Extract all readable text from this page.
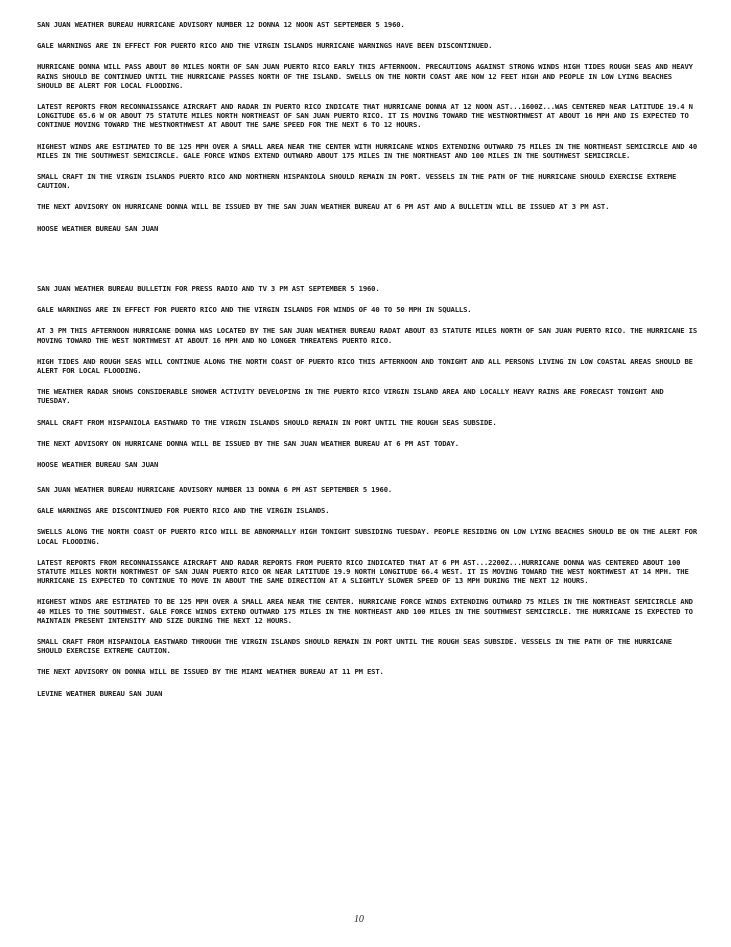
SAN JUAN WEATHER BUREAU HURRICANE ADVISORY NUMBER 12 DONNA 12 NOON AST SEPTEMBER 5 1960.

GALE WARNINGS ARE IN EFFECT FOR PUERTO RICO AND THE VIRGIN ISLANDS HURRICANE WARNINGS HAVE BEEN DISCONTINUED.

HURRICANE DONNA WILL PASS ABOUT 80 MILES NORTH OF SAN JUAN PUERTO RICO EARLY THIS AFTERNOON. PRECAUTIONS AGAINST STRONG WINDS HIGH TIDES ROUGH SEAS AND HEAVY RAINS SHOULD BE CONTINUED UNTIL THE HURRICANE PASSES NORTH OF THE ISLAND. SWELLS ON THE NORTH COAST ARE NOW 12 FEET HIGH AND PEOPLE IN LOW LYING BEACHES SHOULD BE ALERT FOR LOCAL FLOODING.

LATEST REPORTS FROM RECONNAISSANCE AIRCRAFT AND RADAR IN PUERTO RICO INDICATE THAT HURRICANE DONNA AT 12 NOON AST...1600Z...WAS CENTERED NEAR LATITUDE 19.4 N LONGITUDE 65.6 W OR ABOUT 75 STATUTE MILES NORTH NORTHEAST OF SAN JUAN PUERTO RICO. IT IS MOVING TOWARD THE WESTNORTHWEST AT ABOUT 16 MPH AND IS EXPECTED TO CONTINUE MOVING TOWARD THE WESTNORTHWEST AT ABOUT THE SAME SPEED FOR THE NEXT 6 TO 12 HOURS.

HIGHEST WINDS ARE ESTIMATED TO BE 125 MPH OVER A SMALL AREA NEAR THE CENTER WITH HURRICANE WINDS EXTENDING OUTWARD 75 MILES IN THE NORTHEAST SEMICIRCLE AND 40 MILES IN THE SOUTHWEST SEMICIRCLE. GALE FORCE WINDS EXTEND OUTWARD ABOUT 175 MILES IN THE NORTHEAST AND 100 MILES IN THE SOUTHWEST SEMICIRCLE.

SMALL CRAFT IN THE VIRGIN ISLANDS PUERTO RICO AND NORTHERN HISPANIOLA SHOULD REMAIN IN PORT. VESSELS IN THE PATH OF THE HURRICANE SHOULD EXERCISE EXTREME CAUTION.

THE NEXT ADVISORY ON HURRICANE DONNA WILL BE ISSUED BY THE SAN JUAN WEATHER BUREAU AT 6 PM AST AND A BULLETIN WILL BE ISSUED AT 3 PM AST.

HOOSE WEATHER BUREAU SAN JUAN

SAN JUAN WEATHER BUREAU BULLETIN FOR PRESS RADIO AND TV 3 PM AST SEPTEMBER 5 1960.

GALE WARNINGS ARE IN EFFECT FOR PUERTO RICO AND THE VIRGIN ISLANDS FOR WINDS OF 40 TO 50 MPH IN SQUALLS.

AT 3 PM THIS AFTERNOON HURRICANE DONNA WAS LOCATED BY THE SAN JUAN WEATHER BUREAU RADAT ABOUT 83 STATUTE MILES NORTH OF SAN JUAN PUERTO RICO. THE HURRICANE IS MOVING TOWARD THE WEST NORTHWEST AT ABOUT 16 MPH AND NO LONGER THREATENS PUERTO RICO.

HIGH TIDES AND ROUGH SEAS WILL CONTINUE ALONG THE NORTH COAST OF PUERTO RICO THIS AFTERNOON AND TONIGHT AND ALL PERSONS LIVING IN LOW COASTAL AREAS SHOULD BE ALERT FOR LOCAL FLOODING.

THE WEATHER RADAR SHOWS CONSIDERABLE SHOWER ACTIVITY DEVELOPING IN THE PUERTO RICO VIRGIN ISLAND AREA AND LOCALLY HEAVY RAINS ARE FORECAST TONIGHT AND TUESDAY.

SMALL CRAFT FROM HISPANIOLA EASTWARD TO THE VIRGIN ISLANDS SHOULD REMAIN IN PORT UNTIL THE ROUGH SEAS SUBSIDE.

THE NEXT ADVISORY ON HURRICANE DONNA WILL BE ISSUED BY THE SAN JUAN WEATHER BUREAU AT 6 PM AST TODAY.

HOOSE WEATHER BUREAU SAN JUAN

SAN JUAN WEATHER BUREAU HURRICANE ADVISORY NUMBER 13 DONNA 6 PM AST SEPTEMBER 5 1960.

GALE WARNINGS ARE DISCONTINUED FOR PUERTO RICO AND THE VIRGIN ISLANDS.

SWELLS ALONG THE NORTH COAST OF PUERTO RICO WILL BE ABNORMALLY HIGH TONIGHT SUBSIDING TUESDAY. PEOPLE RESIDING ON LOW LYING BEACHES SHOULD BE ON THE ALERT FOR LOCAL FLOODING.

LATEST REPORTS FROM RECONNAISSANCE AIRCRAFT AND RADAR REPORTS FROM PUERTO RICO INDICATED THAT AT 6 PM AST...2200Z...HURRICANE DONNA WAS CENTERED ABOUT 100 STATUTE MILES NORTH NORTHWEST OF SAN JUAN PUERTO RICO OR NEAR LATITUDE 19.9 NORTH LONGITUDE 66.4 WEST. IT IS MOVING TOWARD THE WEST NORTHWEST AT 14 MPH. THE HURRICANE IS EXPECTED TO CONTINUE TO MOVE IN ABOUT THE SAME DIRECTION AT A SLIGHTLY SLOWER SPEED OF 13 MPH DURING THE NEXT 12 HOURS.

HIGHEST WINDS ARE ESTIMATED TO BE 125 MPH OVER A SMALL AREA NEAR THE CENTER. HURRICANE FORCE WINDS EXTENDING OUTWARD 75 MILES IN THE NORTHEAST SEMICIRCLE AND 40 MILES TO THE SOUTHWEST. GALE FORCE WINDS EXTEND OUTWARD 175 MILES IN THE NORTHEAST AND 100 MILES IN THE SOUTHWEST SEMICIRCLE. THE HURRICANE IS EXPECTED TO MAINTAIN PRESENT INTENSITY AND SIZE DURING THE NEXT 12 HOURS.

SMALL CRAFT FROM HISPANIOLA EASTWARD THROUGH THE VIRGIN ISLANDS SHOULD REMAIN IN PORT UNTIL THE ROUGH SEAS SUBSIDE. VESSELS IN THE PATH OF THE HURRICANE SHOULD EXERCISE EXTREME CAUTION.

THE NEXT ADVISORY ON DONNA WILL BE ISSUED BY THE MIAMI WEATHER BUREAU AT 11 PM EST.

LEVINE WEATHER BUREAU SAN JUAN

10
